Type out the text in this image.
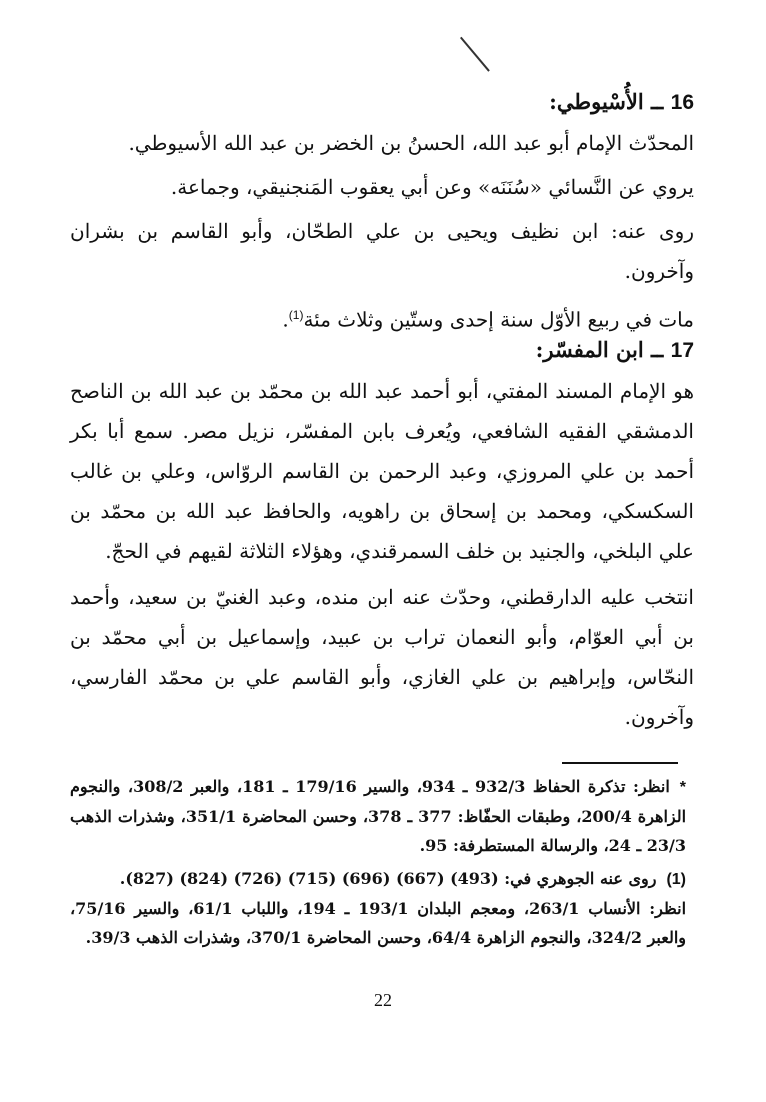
16 ــ الأُسْيوطي:

المحدّث الإمام أبو عبد الله، الحسنُ بن الخضر بن عبد الله الأسيوطي.

يروي عن النَّسائي «سُنَنَه» وعن أبي يعقوب المَنجنيقي، وجماعة.

روى عنه: ابن نظيف ويحيى بن علي الطحّان، وأبو القاسم بن بشران وآخرون.

مات في ربيع الأوّل سنة إحدى وستّين وثلاث مئة$^{(1)}$.

17 ــ ابن المفسّر:

هو الإمام المسند المفتي، أبو أحمد عبد الله بن محمّد بن عبد الله بن الناصح الدمشقي الفقيه الشافعي، ويُعرف بابن المفسّر، نزيل مصر. سمع أبا بكر أحمد بن علي المروزي، وعبد الرحمن بن القاسم الروّاس، وعلي بن غالب السكسكي، ومحمد بن إسحاق بن راهويه، والحافظ عبد الله بن محمّد بن علي البلخي، والجنيد بن خلف السمرقندي، وهؤلاء الثلاثة لقيهم في الحجّ.

انتخب عليه الدارقطني، وحدّث عنه ابن منده، وعبد الغنيّ بن سعيد، وأحمد بن أبي العوّام، وأبو النعمان تراب بن عبيد، وإسماعيل بن أبي محمّد بن النحّاس، وإبراهيم بن علي الغازي، وأبو القاسم علي بن محمّد الفارسي، وآخرون.

*انظر: تذكرة الحفاظ 932/3 ـ 934، والسير 179/16 ـ 181، والعبر 308/2، والنجوم الزاهرة 200/4، وطبقات الحفّاظ: 377 ـ 378، وحسن المحاضرة 351/1، وشذرات الذهب 23/3 ـ 24، والرسالة المستطرفة: 95.

(1)روى عنه الجوهري في: (493) (667) (696) (715) (726) (824) (827).

انظر: الأنساب 263/1، ومعجم البلدان 193/1 ـ 194، واللباب 61/1، والسير 75/16، والعبر 324/2، والنجوم الزاهرة 64/4، وحسن المحاضرة 370/1، وشذرات الذهب 39/3.

22
